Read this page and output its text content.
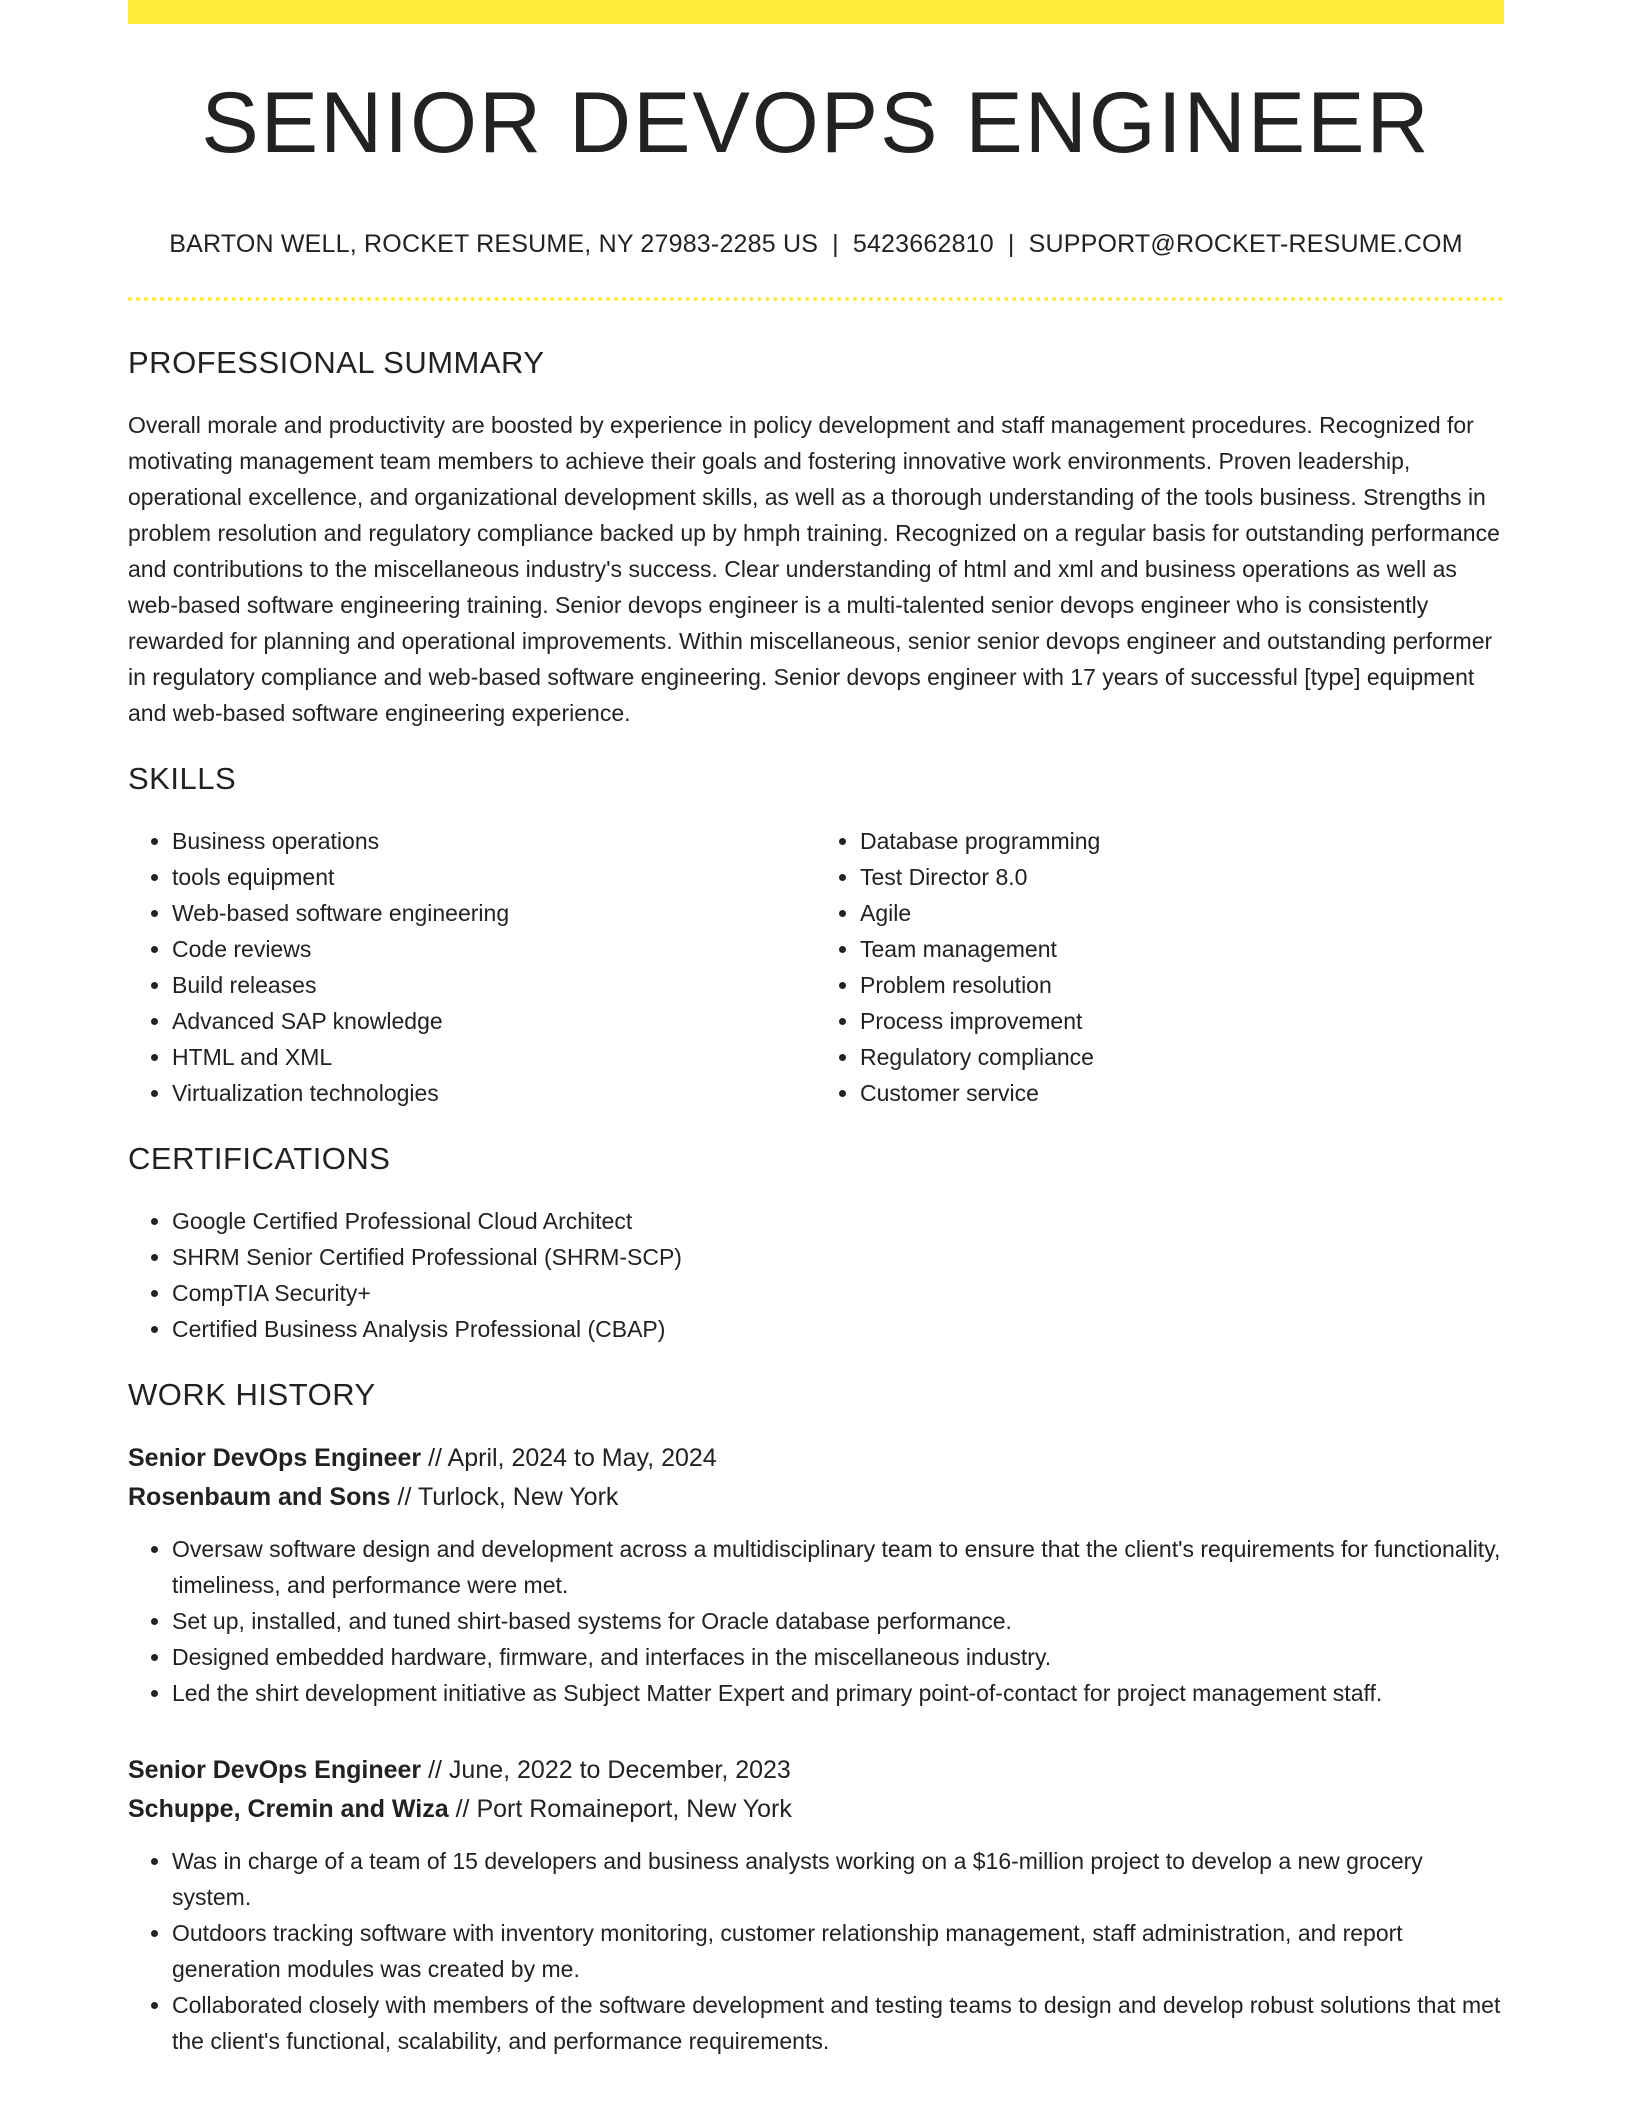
SENIOR DEVOPS ENGINEER
BARTON WELL, ROCKET RESUME, NY 27983-2285 US | 5423662810 | SUPPORT@ROCKET-RESUME.COM
PROFESSIONAL SUMMARY
Overall morale and productivity are boosted by experience in policy development and staff management procedures. Recognized for motivating management team members to achieve their goals and fostering innovative work environments. Proven leadership, operational excellence, and organizational development skills, as well as a thorough understanding of the tools business. Strengths in problem resolution and regulatory compliance backed up by hmph training. Recognized on a regular basis for outstanding performance and contributions to the miscellaneous industry's success. Clear understanding of html and xml and business operations as well as web-based software engineering training. Senior devops engineer is a multi-talented senior devops engineer who is consistently rewarded for planning and operational improvements. Within miscellaneous, senior senior devops engineer and outstanding performer in regulatory compliance and web-based software engineering. Senior devops engineer with 17 years of successful [type] equipment and web-based software engineering experience.
SKILLS
• Business operations
• tools equipment
• Web-based software engineering
• Code reviews
• Build releases
• Advanced SAP knowledge
• HTML and XML
• Virtualization technologies
• Database programming
• Test Director 8.0
• Agile
• Team management
• Problem resolution
• Process improvement
• Regulatory compliance
• Customer service
CERTIFICATIONS
• Google Certified Professional Cloud Architect
• SHRM Senior Certified Professional (SHRM-SCP)
• CompTIA Security+
• Certified Business Analysis Professional (CBAP)
WORK HISTORY
Senior DevOps Engineer // April, 2024 to May, 2024
Rosenbaum and Sons // Turlock, New York
• Oversaw software design and development across a multidisciplinary team to ensure that the client's requirements for functionality, timeliness, and performance were met.
• Set up, installed, and tuned shirt-based systems for Oracle database performance.
• Designed embedded hardware, firmware, and interfaces in the miscellaneous industry.
• Led the shirt development initiative as Subject Matter Expert and primary point-of-contact for project management staff.
Senior DevOps Engineer // June, 2022 to December, 2023
Schuppe, Cremin and Wiza // Port Romaineport, New York
• Was in charge of a team of 15 developers and business analysts working on a $16-million project to develop a new grocery system.
• Outdoors tracking software with inventory monitoring, customer relationship management, staff administration, and report generation modules was created by me.
• Collaborated closely with members of the software development and testing teams to design and develop robust solutions that met the client's functional, scalability, and performance requirements.
